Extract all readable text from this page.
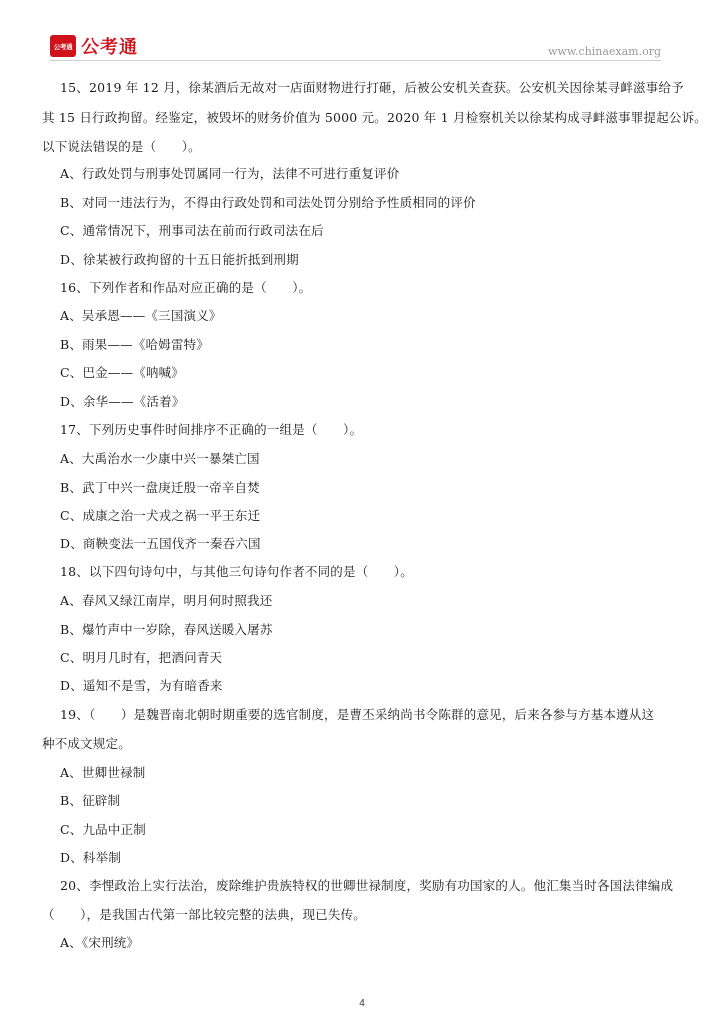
公考通 公考通	www.chinaexam.org
15、2019 年 12 月，徐某酒后无故对一店面财物进行打砸，后被公安机关查获。公安机关因徐某寻衅滋事给予
其 15 日行政拘留。经鉴定，被毁坏的财务价值为 5000 元。2020 年 1 月检察机关以徐某构成寻衅滋事罪提起公诉。
以下说法错误的是（　　）。
A、行政处罚与刑事处罚属同一行为，法律不可进行重复评价
B、对同一违法行为，不得由行政处罚和司法处罚分别给予性质相同的评价
C、通常情况下，刑事司法在前而行政司法在后
D、徐某被行政拘留的十五日能折抵到刑期
16、下列作者和作品对应正确的是（　　）。
A、吴承恩——《三国演义》
B、雨果——《哈姆雷特》
C、巴金——《呐喊》
D、余华——《活着》
17、下列历史事件时间排序不正确的一组是（　　）。
A、大禹治水一少康中兴一暴桀亡国
B、武丁中兴一盘庚迁殷一帝辛自焚
C、成康之治一犬戎之祸一平王东迁
D、商鞅变法一五国伐齐一秦吞六国
18、以下四句诗句中，与其他三句诗句作者不同的是（　　）。
A、春风又绿江南岸，明月何时照我还
B、爆竹声中一岁除，春风送暖入屠苏
C、明月几时有，把酒问青天
D、遥知不是雪，为有暗香来
19、（　　）是魏晋南北朝时期重要的选官制度，是曹丕采纳尚书令陈群的意见，后来各参与方基本遵从这
种不成文规定。
A、世卿世禄制
B、征辟制
C、九品中正制
D、科举制
20、李悝政治上实行法治，废除维护贵族特权的世卿世禄制度，奖励有功国家的人。他汇集当时各国法律编成
（　　），是我国古代第一部比较完整的法典，现已失传。
A、《宋刑统》
4
